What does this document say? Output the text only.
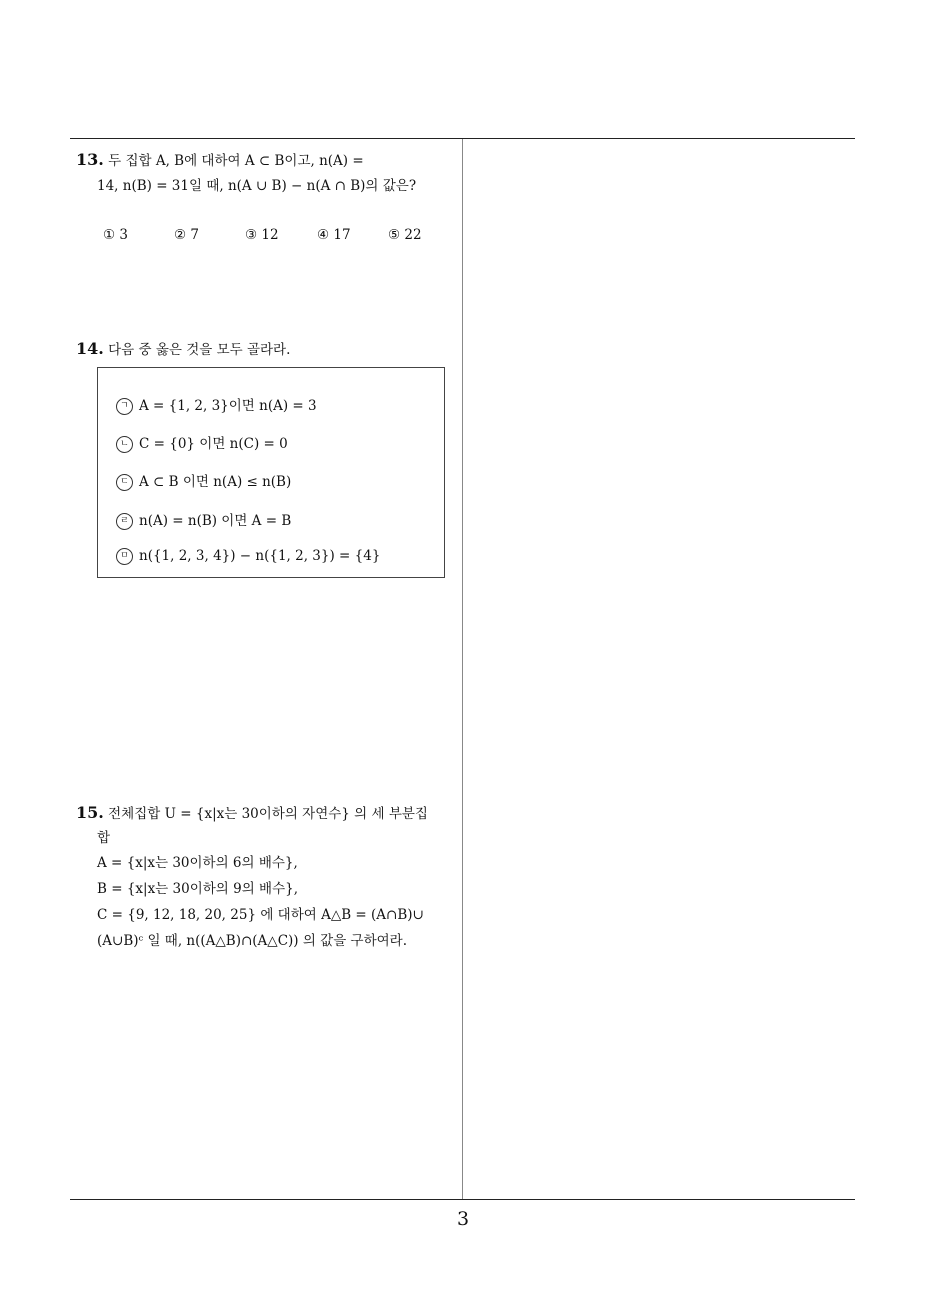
13. 두 집합 A, B에 대하여 A ⊂ B이고, n(A) =
14, n(B) = 31일 때, n(A ∪ B) − n(A ∩ B)의 값은?
① 3	② 7	③ 12	④ 17	⑤ 22
14. 다음 중 옳은 것을 모두 골라라.
ㄱ A = {1, 2, 3}이면 n(A) = 3
ㄴ C = {0} 이면 n(C) = 0
ㄷ A ⊂ B 이면 n(A) ≤ n(B)
ㄹ n(A) = n(B) 이면 A = B
ㅁ n({1, 2, 3, 4}) − n({1, 2, 3}) = {4}
15. 전체집합 U = {x|x는 30이하의 자연수} 의 세 부분집
합
A = {x|x는 30이하의 6의 배수},
B = {x|x는 30이하의 9의 배수},
C = {9, 12, 18, 20, 25} 에 대하여 A△B = (A∩B)∪
(A∪B)ᶜ 일 때, n((A△B)∩(A△C)) 의 값을 구하여라.
3
